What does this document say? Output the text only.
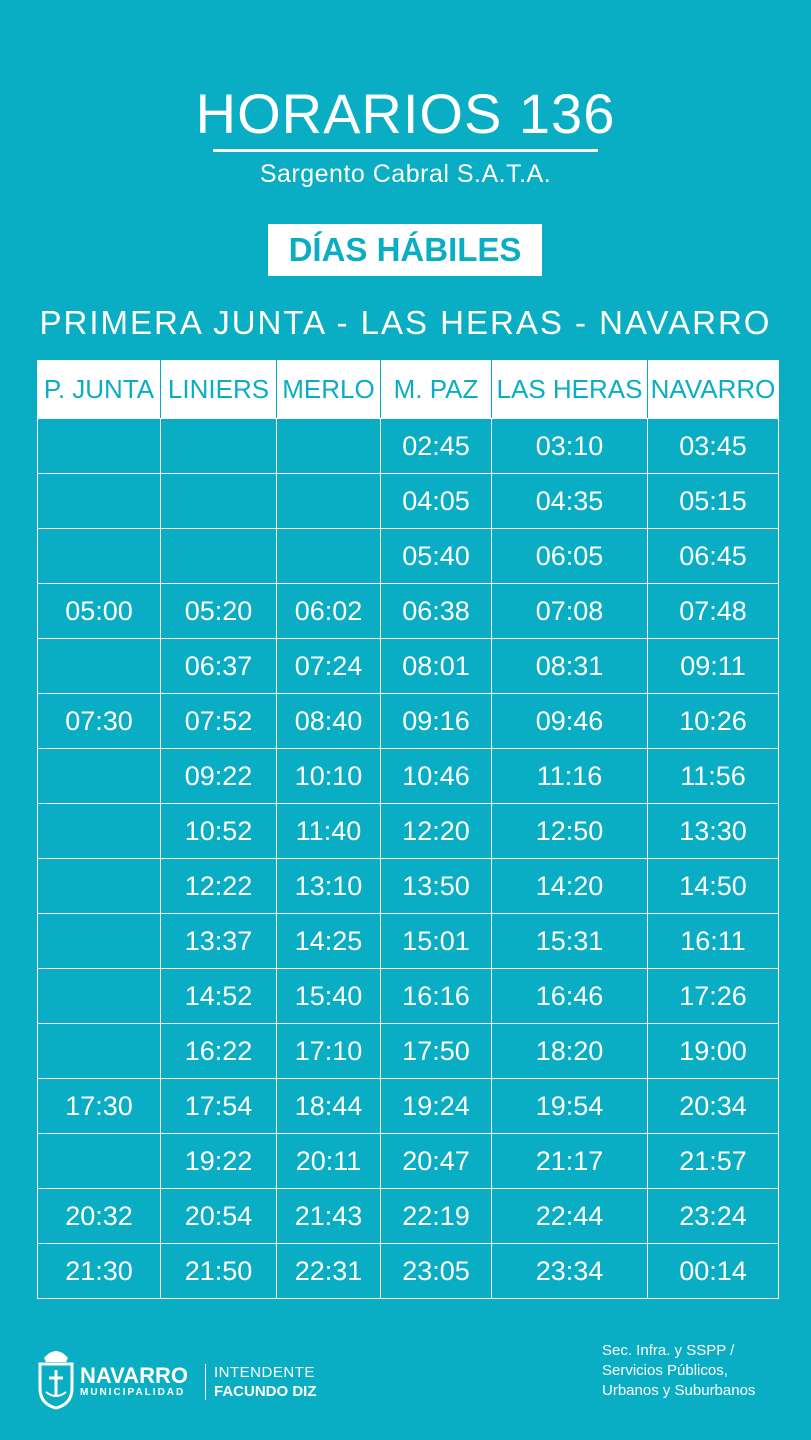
HORARIOS 136
Sargento Cabral S.A.T.A.
DÍAS HÁBILES
PRIMERA JUNTA - LAS HERAS - NAVARRO
P. JUNTA	LINIERS	MERLO	M. PAZ	LAS HERAS	NAVARRO
			02:45	03:10	03:45
			04:05	04:35	05:15
			05:40	06:05	06:45
05:00	05:20	06:02	06:38	07:08	07:48
	06:37	07:24	08:01	08:31	09:11
07:30	07:52	08:40	09:16	09:46	10:26
	09:22	10:10	10:46	11:16	11:56
	10:52	11:40	12:20	12:50	13:30
	12:22	13:10	13:50	14:20	14:50
	13:37	14:25	15:01	15:31	16:11
	14:52	15:40	16:16	16:46	17:26
	16:22	17:10	17:50	18:20	19:00
17:30	17:54	18:44	19:24	19:54	20:34
	19:22	20:11	20:47	21:17	21:57
20:32	20:54	21:43	22:19	22:44	23:24
21:30	21:50	22:31	23:05	23:34	00:14
NAVARRO
MUNICIPALIDAD
INTENDENTE
FACUNDO DIZ
Sec. Infra. y SSPP /
Servicios Públicos,
Urbanos y Suburbanos
